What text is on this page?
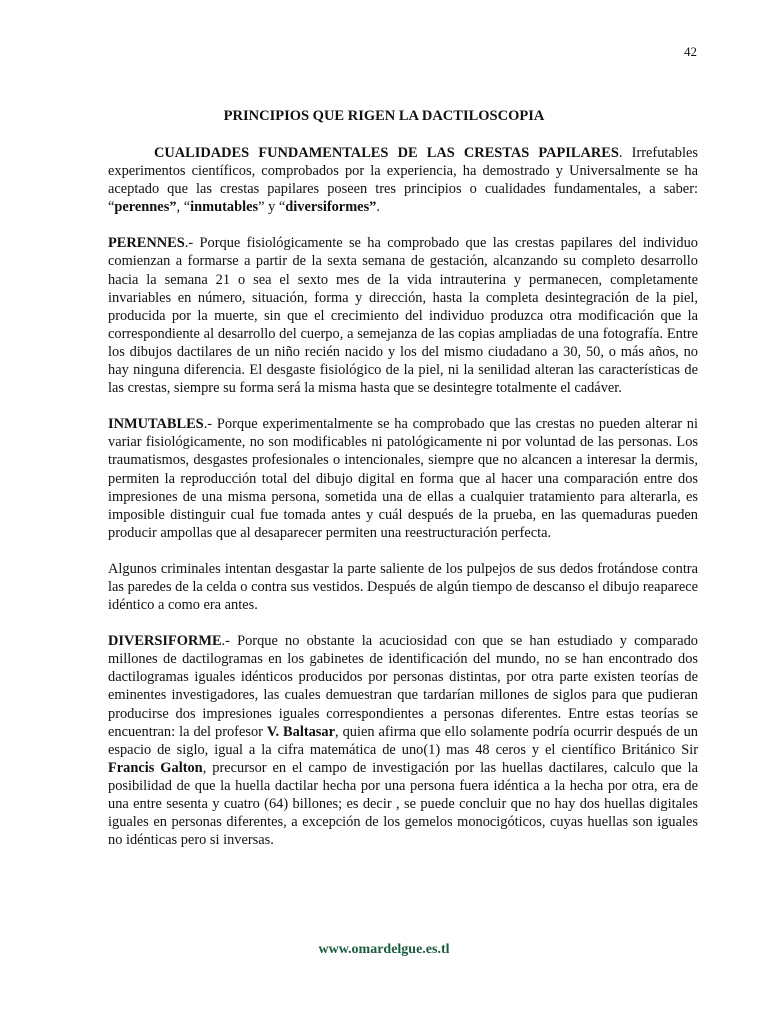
42
PRINCIPIOS QUE RIGEN LA DACTILOSCOPIA

CUALIDADES FUNDAMENTALES DE LAS CRESTAS PAPILARES. Irrefutables experimentos científicos, comprobados por la experiencia, ha demostrado y Universalmente se ha aceptado que las crestas papilares poseen tres principios o cualidades fundamentales, a saber: “perennes”, “inmutables” y “diversiformes”.

PERENNES.- Porque fisiológicamente se ha comprobado que las crestas papilares del individuo comienzan a formarse a partir de la sexta semana de gestación, alcanzando su completo desarrollo hacia la semana 21 o sea el sexto mes de la vida intrauterina y permanecen, completamente invariables en número, situación, forma y dirección, hasta la completa desintegración de la piel, producida por la muerte, sin que el crecimiento del individuo produzca otra modificación que la correspondiente al desarrollo del cuerpo, a semejanza de las copias ampliadas de una fotografía. Entre los dibujos dactilares de un niño recién nacido y los del mismo ciudadano a 30, 50, o más años, no hay ninguna diferencia. El desgaste fisiológico de la piel, ni la senilidad alteran las características de las crestas, siempre su forma será la misma hasta que se desintegre totalmente el cadáver.

INMUTABLES.- Porque experimentalmente se ha comprobado que las crestas no pueden alterar ni variar fisiológicamente, no son modificables ni patológicamente ni por voluntad de las personas. Los traumatismos, desgastes profesionales o intencionales, siempre que no alcancen a interesar la dermis, permiten la reproducción total del dibujo digital en forma que al hacer una comparación entre dos impresiones de una misma persona, sometida una de ellas a cualquier tratamiento para alterarla, es imposible distinguir cual fue tomada antes y cuál después de la prueba, en las quemaduras pueden producir ampollas que al desaparecer permiten una reestructuración perfecta.

Algunos criminales intentan desgastar la parte saliente de los pulpejos de sus dedos frotándose contra las paredes de la celda o contra sus vestidos. Después de algún tiempo de descanso el dibujo reaparece idéntico a como era antes.

DIVERSIFORME.- Porque no obstante la acuciosidad con que se han estudiado y comparado millones de dactilogramas en los gabinetes de identificación del mundo, no se han encontrado dos dactilogramas iguales idénticos producidos por personas distintas, por otra parte existen teorías de eminentes investigadores, las cuales demuestran que tardarían millones de siglos para que pudieran producirse dos impresiones iguales correspondientes a personas diferentes. Entre estas teorías se encuentran: la del profesor V. Baltasar, quien afirma que ello solamente podría ocurrir después de un espacio de siglo, igual a la cifra matemática de uno(1) mas 48 ceros y el científico Británico Sir Francis Galton, precursor en el campo de investigación por las huellas dactilares, calculo que la posibilidad de que la huella dactilar hecha por una persona fuera idéntica a la hecha por otra, era de una entre sesenta y cuatro (64) billones; es decir , se puede concluir que no hay dos huellas digitales iguales en personas diferentes, a excepción de los gemelos monocigóticos, cuyas huellas son iguales no idénticas pero si inversas.

www.omardelgue.es.tl
